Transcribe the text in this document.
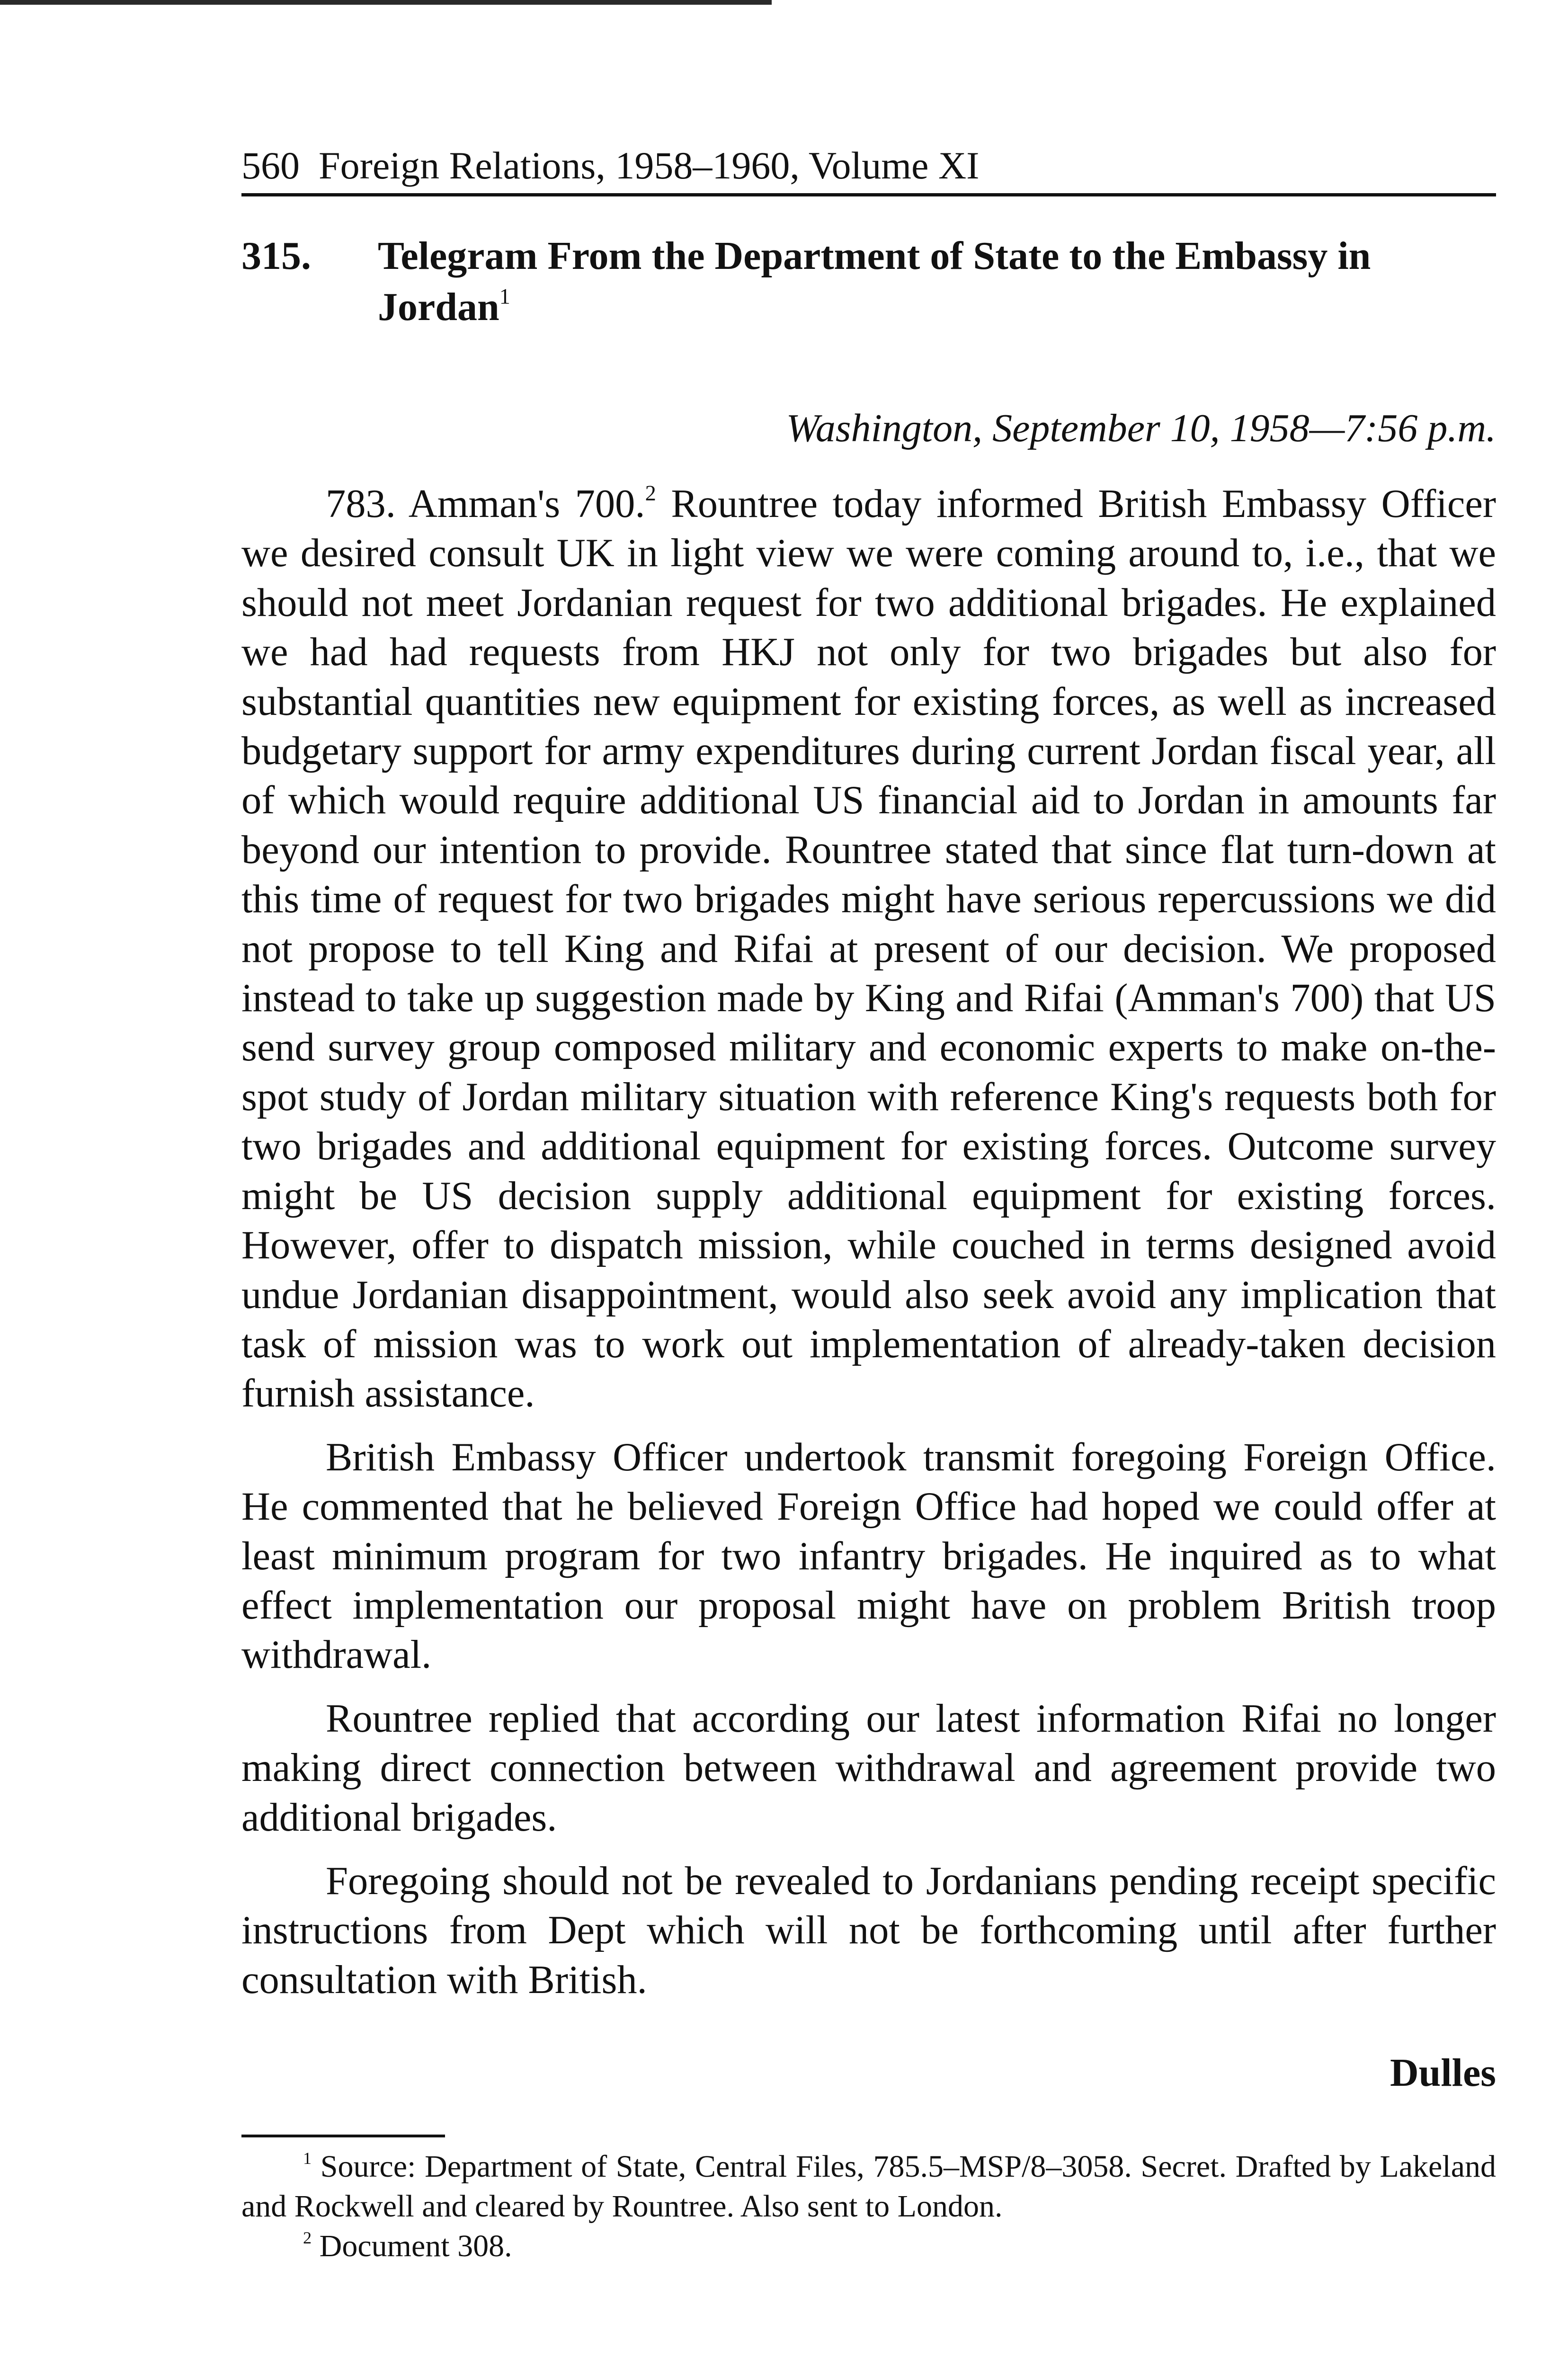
560 Foreign Relations, 1958–1960, Volume XI
315.	Telegram From the Department of State to the Embassy in Jordan$^1$
Washington, September 10, 1958—7:56 p.m.

783. Amman's 700.$^2$ Rountree today informed British Embassy Officer we desired consult UK in light view we were coming around to, i.e., that we should not meet Jordanian request for two additional brigades. He explained we had had requests from HKJ not only for two brigades but also for substantial quantities new equipment for existing forces, as well as increased budgetary support for army expenditures during current Jordan fiscal year, all of which would require additional US financial aid to Jordan in amounts far beyond our intention to provide. Rountree stated that since flat turn-down at this time of request for two brigades might have serious repercussions we did not propose to tell King and Rifai at present of our decision. We proposed instead to take up suggestion made by King and Rifai (Amman's 700) that US send survey group composed military and economic experts to make on-the-spot study of Jordan military situation with reference King's requests both for two brigades and additional equipment for existing forces. Outcome survey might be US decision supply additional equipment for existing forces. However, offer to dispatch mission, while couched in terms designed avoid undue Jordanian disappointment, would also seek avoid any implication that task of mission was to work out implementation of already-taken decision furnish assistance.

British Embassy Officer undertook transmit foregoing Foreign Office. He commented that he believed Foreign Office had hoped we could offer at least minimum program for two infantry brigades. He inquired as to what effect implementation our proposal might have on problem British troop withdrawal.

Rountree replied that according our latest information Rifai no longer making direct connection between withdrawal and agreement provide two additional brigades.

Foregoing should not be revealed to Jordanians pending receipt specific instructions from Dept which will not be forthcoming until after further consultation with British.

Dulles

$^1$ Source: Department of State, Central Files, 785.5–MSP/8–3058. Secret. Drafted by Lakeland and Rockwell and cleared by Rountree. Also sent to London.

$^2$ Document 308.
